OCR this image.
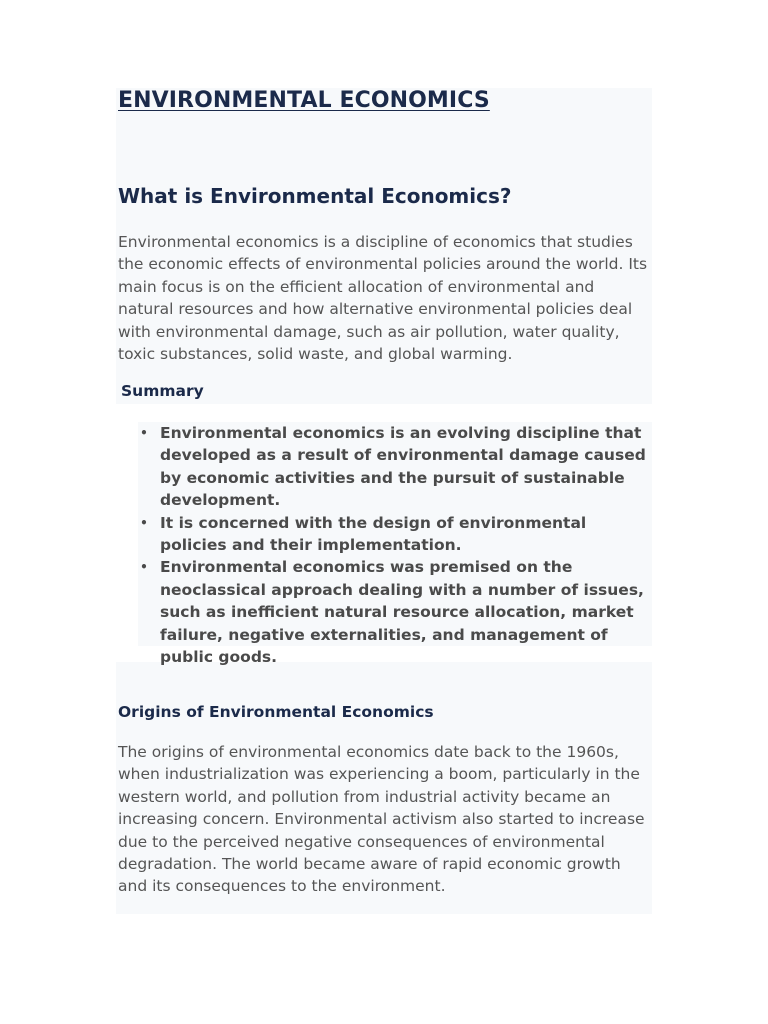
ENVIRONMENTAL ECONOMICS
What is Environmental Economics?

Environmental economics is a discipline of economics that studies the economic effects of environmental policies around the world. Its main focus is on the efficient allocation of environmental and natural resources and how alternative environmental policies deal with environmental damage, such as air pollution, water quality, toxic substances, solid waste, and global warming.

Summary
• Environmental economics is an evolving discipline that developed as a result of environmental damage caused by economic activities and the pursuit of sustainable development.
• It is concerned with the design of environmental policies and their implementation.
• Environmental economics was premised on the neoclassical approach dealing with a number of issues, such as inefficient natural resource allocation, market failure, negative externalities, and management of public goods.
Origins of Environmental Economics

The origins of environmental economics date back to the 1960s, when industrialization was experiencing a boom, particularly in the western world, and pollution from industrial activity became an increasing concern. Environmental activism also started to increase due to the perceived negative consequences of environmental degradation. The world became aware of rapid economic growth and its consequences to the environment.
